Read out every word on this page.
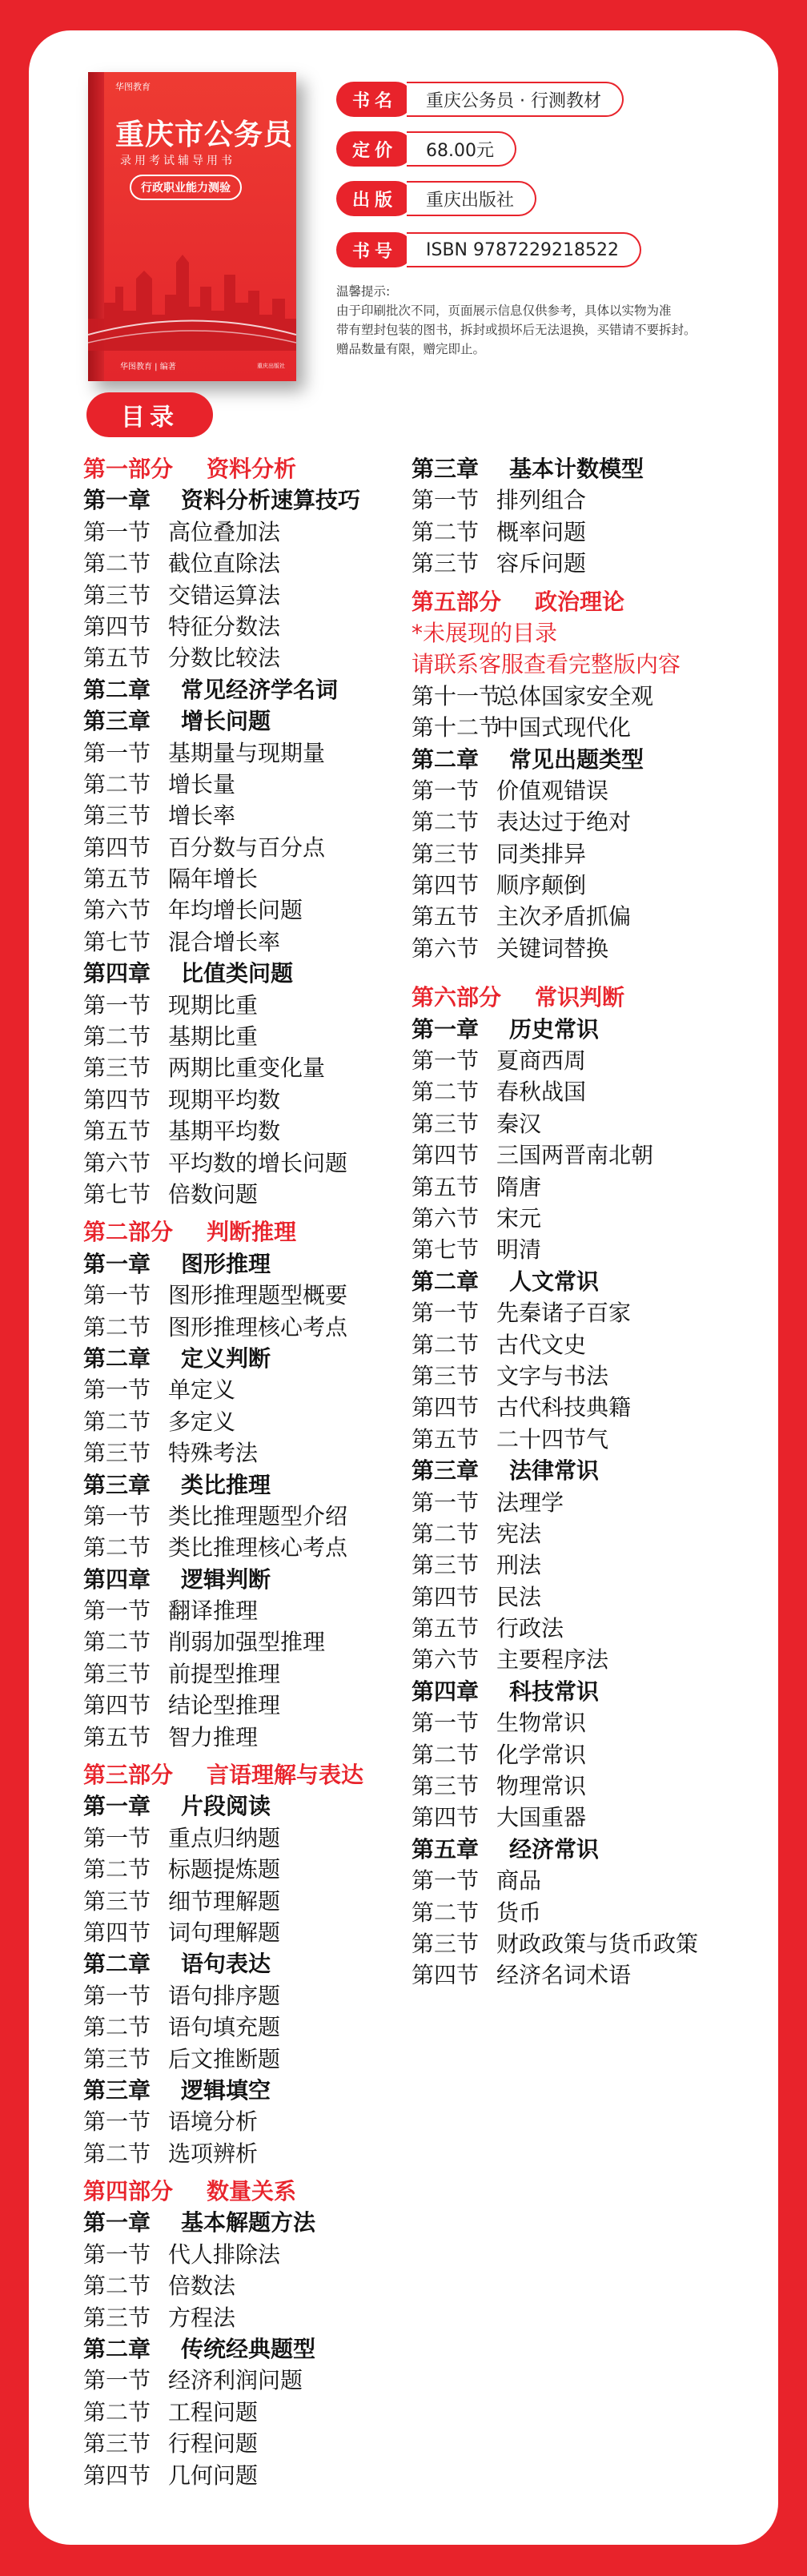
华图教育
重庆市公务员
录用考试辅导用书
行政职业能力测验
华图教育 | 编著	重庆出版社
书名	重庆公务员 · 行测教材
定价	68.00元
出版	重庆出版社
书号	ISBN 9787229218522
温馨提示:
由于印刷批次不同，页面展示信息仅供参考，具体以实物为准
带有塑封包装的图书，拆封或损坏后无法退换，买错请不要拆封。
赠品数量有限，赠完即止。
目录
第一部分 资料分析
第一章 资料分析速算技巧
第一节 高位叠加法
第二节 截位直除法
第三节 交错运算法
第四节 特征分数法
第五节 分数比较法
第二章 常见经济学名词
第三章 增长问题
第一节 基期量与现期量
第二节 增长量
第三节 增长率
第四节 百分数与百分点
第五节 隔年增长
第六节 年均增长问题
第七节 混合增长率
第四章 比值类问题
第一节 现期比重
第二节 基期比重
第三节 两期比重变化量
第四节 现期平均数
第五节 基期平均数
第六节 平均数的增长问题
第七节 倍数问题
第二部分 判断推理
第一章 图形推理
第一节 图形推理题型概要
第二节 图形推理核心考点
第二章 定义判断
第一节 单定义
第二节 多定义
第三节 特殊考法
第三章 类比推理
第一节 类比推理题型介绍
第二节 类比推理核心考点
第四章 逻辑判断
第一节 翻译推理
第二节 削弱加强型推理
第三节 前提型推理
第四节 结论型推理
第五节 智力推理
第三部分 言语理解与表达
第一章 片段阅读
第一节 重点归纳题
第二节 标题提炼题
第三节 细节理解题
第四节 词句理解题
第二章 语句表达
第一节 语句排序题
第二节 语句填充题
第三节 后文推断题
第三章 逻辑填空
第一节 语境分析
第二节 选项辨析
第四部分 数量关系
第一章 基本解题方法
第一节 代人排除法
第二节 倍数法
第三节 方程法
第二章 传统经典题型
第一节 经济利润问题
第二节 工程问题
第三节 行程问题
第四节 几何问题
第三章 基本计数模型
第一节 排列组合
第二节 概率问题
第三节 容斥问题
第五部分 政治理论
*未展现的目录
请联系客服查看完整版内容
第十一节总体国家安全观
第十二节中国式现代化
第二章 常见出题类型
第一节 价值观错误
第二节 表达过于绝对
第三节 同类排异
第四节 顺序颠倒
第五节 主次矛盾抓偏
第六节 关键词替换
第六部分 常识判断
第一章 历史常识
第一节 夏商西周
第二节 春秋战国
第三节 秦汉
第四节 三国两晋南北朝
第五节 隋唐
第六节 宋元
第七节 明清
第二章 人文常识
第一节 先秦诸子百家
第二节 古代文史
第三节 文字与书法
第四节 古代科技典籍
第五节 二十四节气
第三章 法律常识
第一节 法理学
第二节 宪法
第三节 刑法
第四节 民法
第五节 行政法
第六节 主要程序法
第四章 科技常识
第一节 生物常识
第二节 化学常识
第三节 物理常识
第四节 大国重器
第五章 经济常识
第一节 商品
第二节 货币
第三节 财政政策与货币政策
第四节 经济名词术语
